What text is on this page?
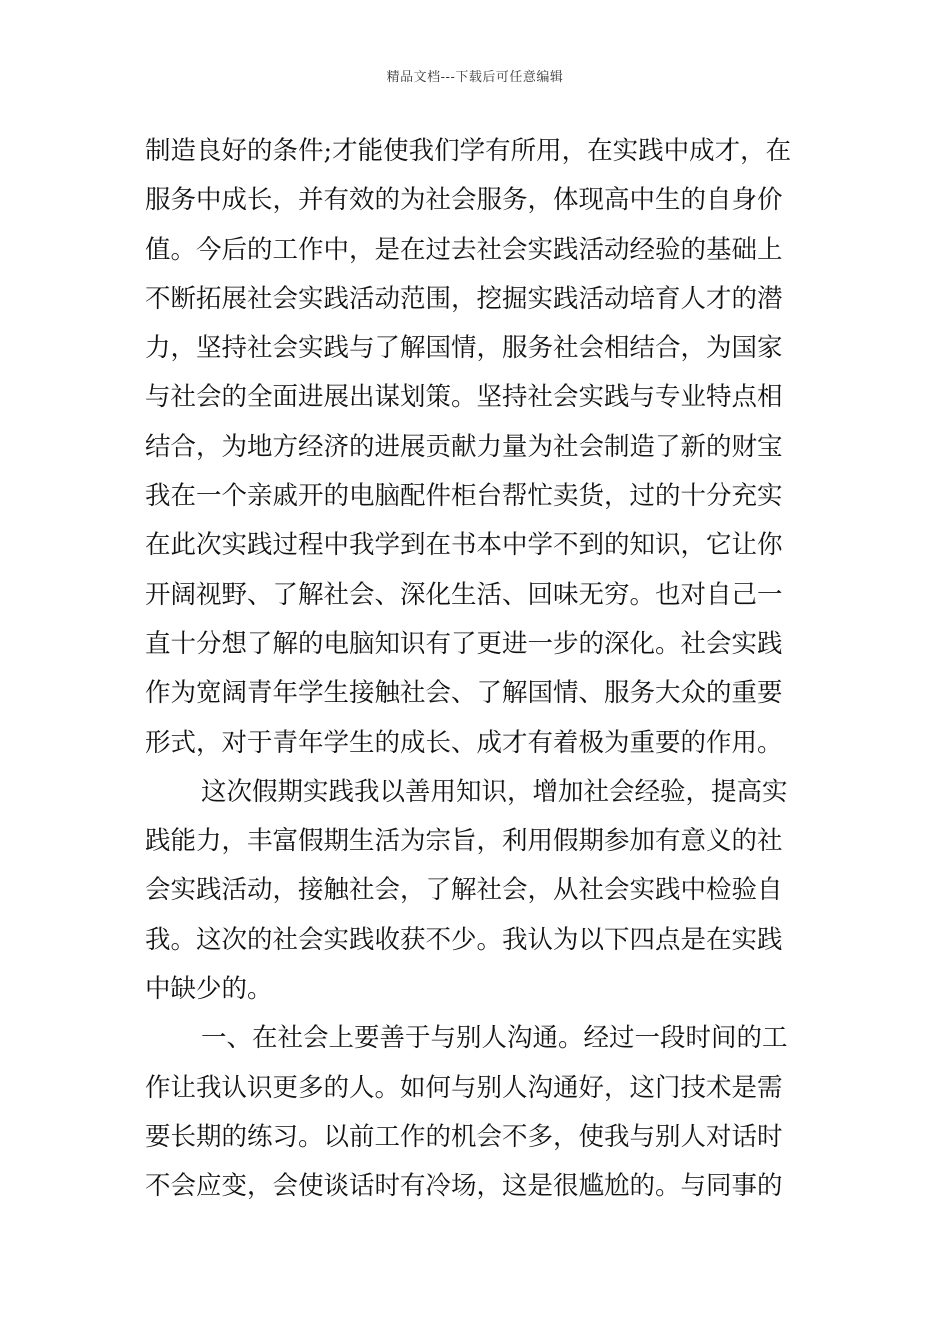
精品文档---下载后可任意编辑
制造良好的条件;才能使我们学有所用，在实践中成才，在
服务中成长，并有效的为社会服务，体现高中生的自身价
值。今后的工作中，是在过去社会实践活动经验的基础上
不断拓展社会实践活动范围，挖掘实践活动培育人才的潜
力，坚持社会实践与了解国情，服务社会相结合，为国家
与社会的全面进展出谋划策。坚持社会实践与专业特点相
结合，为地方经济的进展贡献力量为社会制造了新的财宝
我在一个亲戚开的电脑配件柜台帮忙卖货，过的十分充实
在此次实践过程中我学到在书本中学不到的知识，它让你
开阔视野、了解社会、深化生活、回味无穷。也对自己一
直十分想了解的电脑知识有了更进一步的深化。社会实践
作为宽阔青年学生接触社会、了解国情、服务大众的重要
形式，对于青年学生的成长、成才有着极为重要的作用。
这次假期实践我以善用知识，增加社会经验，提高实
践能力，丰富假期生活为宗旨，利用假期参加有意义的社
会实践活动，接触社会，了解社会，从社会实践中检验自
我。这次的社会实践收获不少。我认为以下四点是在实践
中缺少的。
一、在社会上要善于与别人沟通。经过一段时间的工
作让我认识更多的人。如何与别人沟通好，这门技术是需
要长期的练习。以前工作的机会不多，使我与别人对话时
不会应变，会使谈话时有冷场，这是很尴尬的。与同事的
